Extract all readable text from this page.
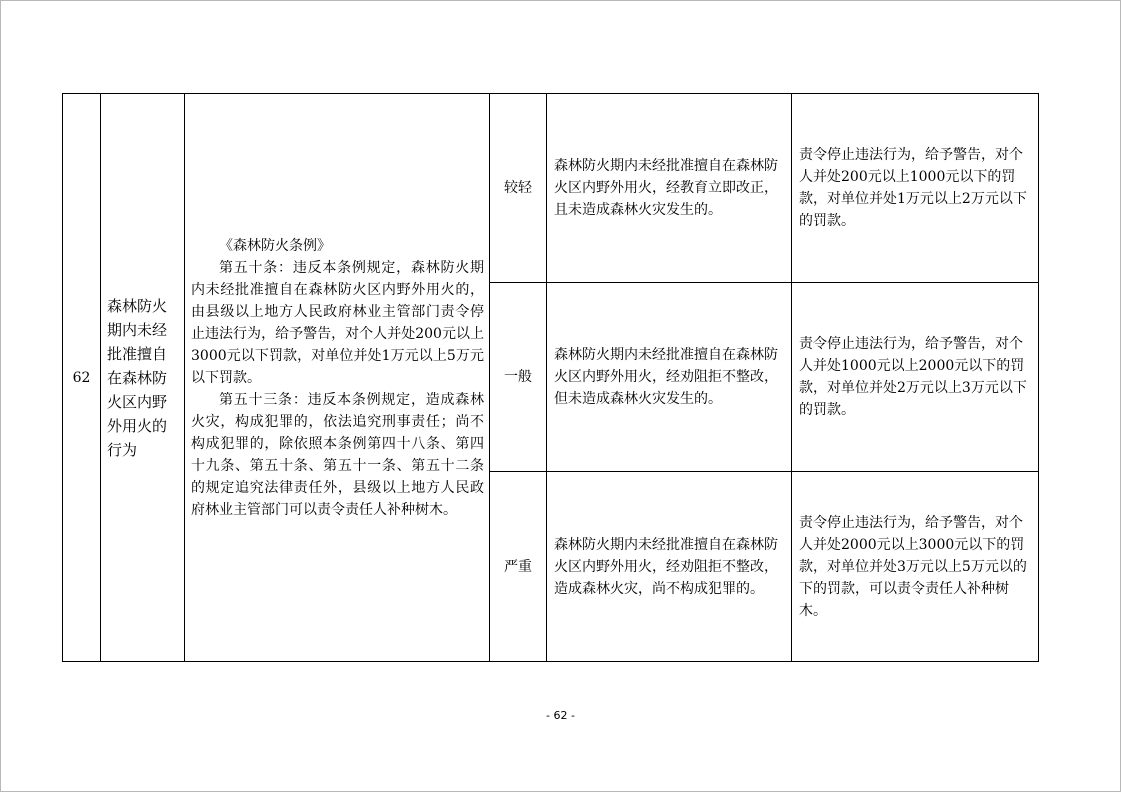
62	森林防火期内未经批准擅自在森林防火区内野外用火的行为	《森林防火条例》

第五十条：违反本条例规定，森林防火期内未经批准擅自在森林防火区内野外用火的，由县级以上地方人民政府林业主管部门责令停止违法行为，给予警告，对个人并处200元以上3000元以下罚款，对单位并处1万元以上5万元以下罚款。

第五十三条：违反本条例规定，造成森林火灾，构成犯罪的，依法追究刑事责任；尚不构成犯罪的，除依照本条例第四十八条、第四十九条、第五十条、第五十一条、第五十二条的规定追究法律责任外，县级以上地方人民政府林业主管部门可以责令责任人补种树木。	较轻	森林防火期内未经批准擅自在森林防火区内野外用火，经教育立即改正，且未造成森林火灾发生的。	责令停止违法行为，给予警告，对个人并处200元以上1000元以下的罚款，对单位并处1万元以上2万元以下的罚款。
			一般	森林防火期内未经批准擅自在森林防火区内野外用火，经劝阻拒不整改，但未造成森林火灾发生的。	责令停止违法行为，给予警告，对个人并处1000元以上2000元以下的罚款，对单位并处2万元以上3万元以下的罚款。
			严重	森林防火期内未经批准擅自在森林防火区内野外用火，经劝阻拒不整改，造成森林火灾，尚不构成犯罪的。	责令停止违法行为，给予警告，对个人并处2000元以上3000元以下的罚款，对单位并处3万元以上5万元以的下的罚款，可以责令责任人补种树木。
- 62 -
